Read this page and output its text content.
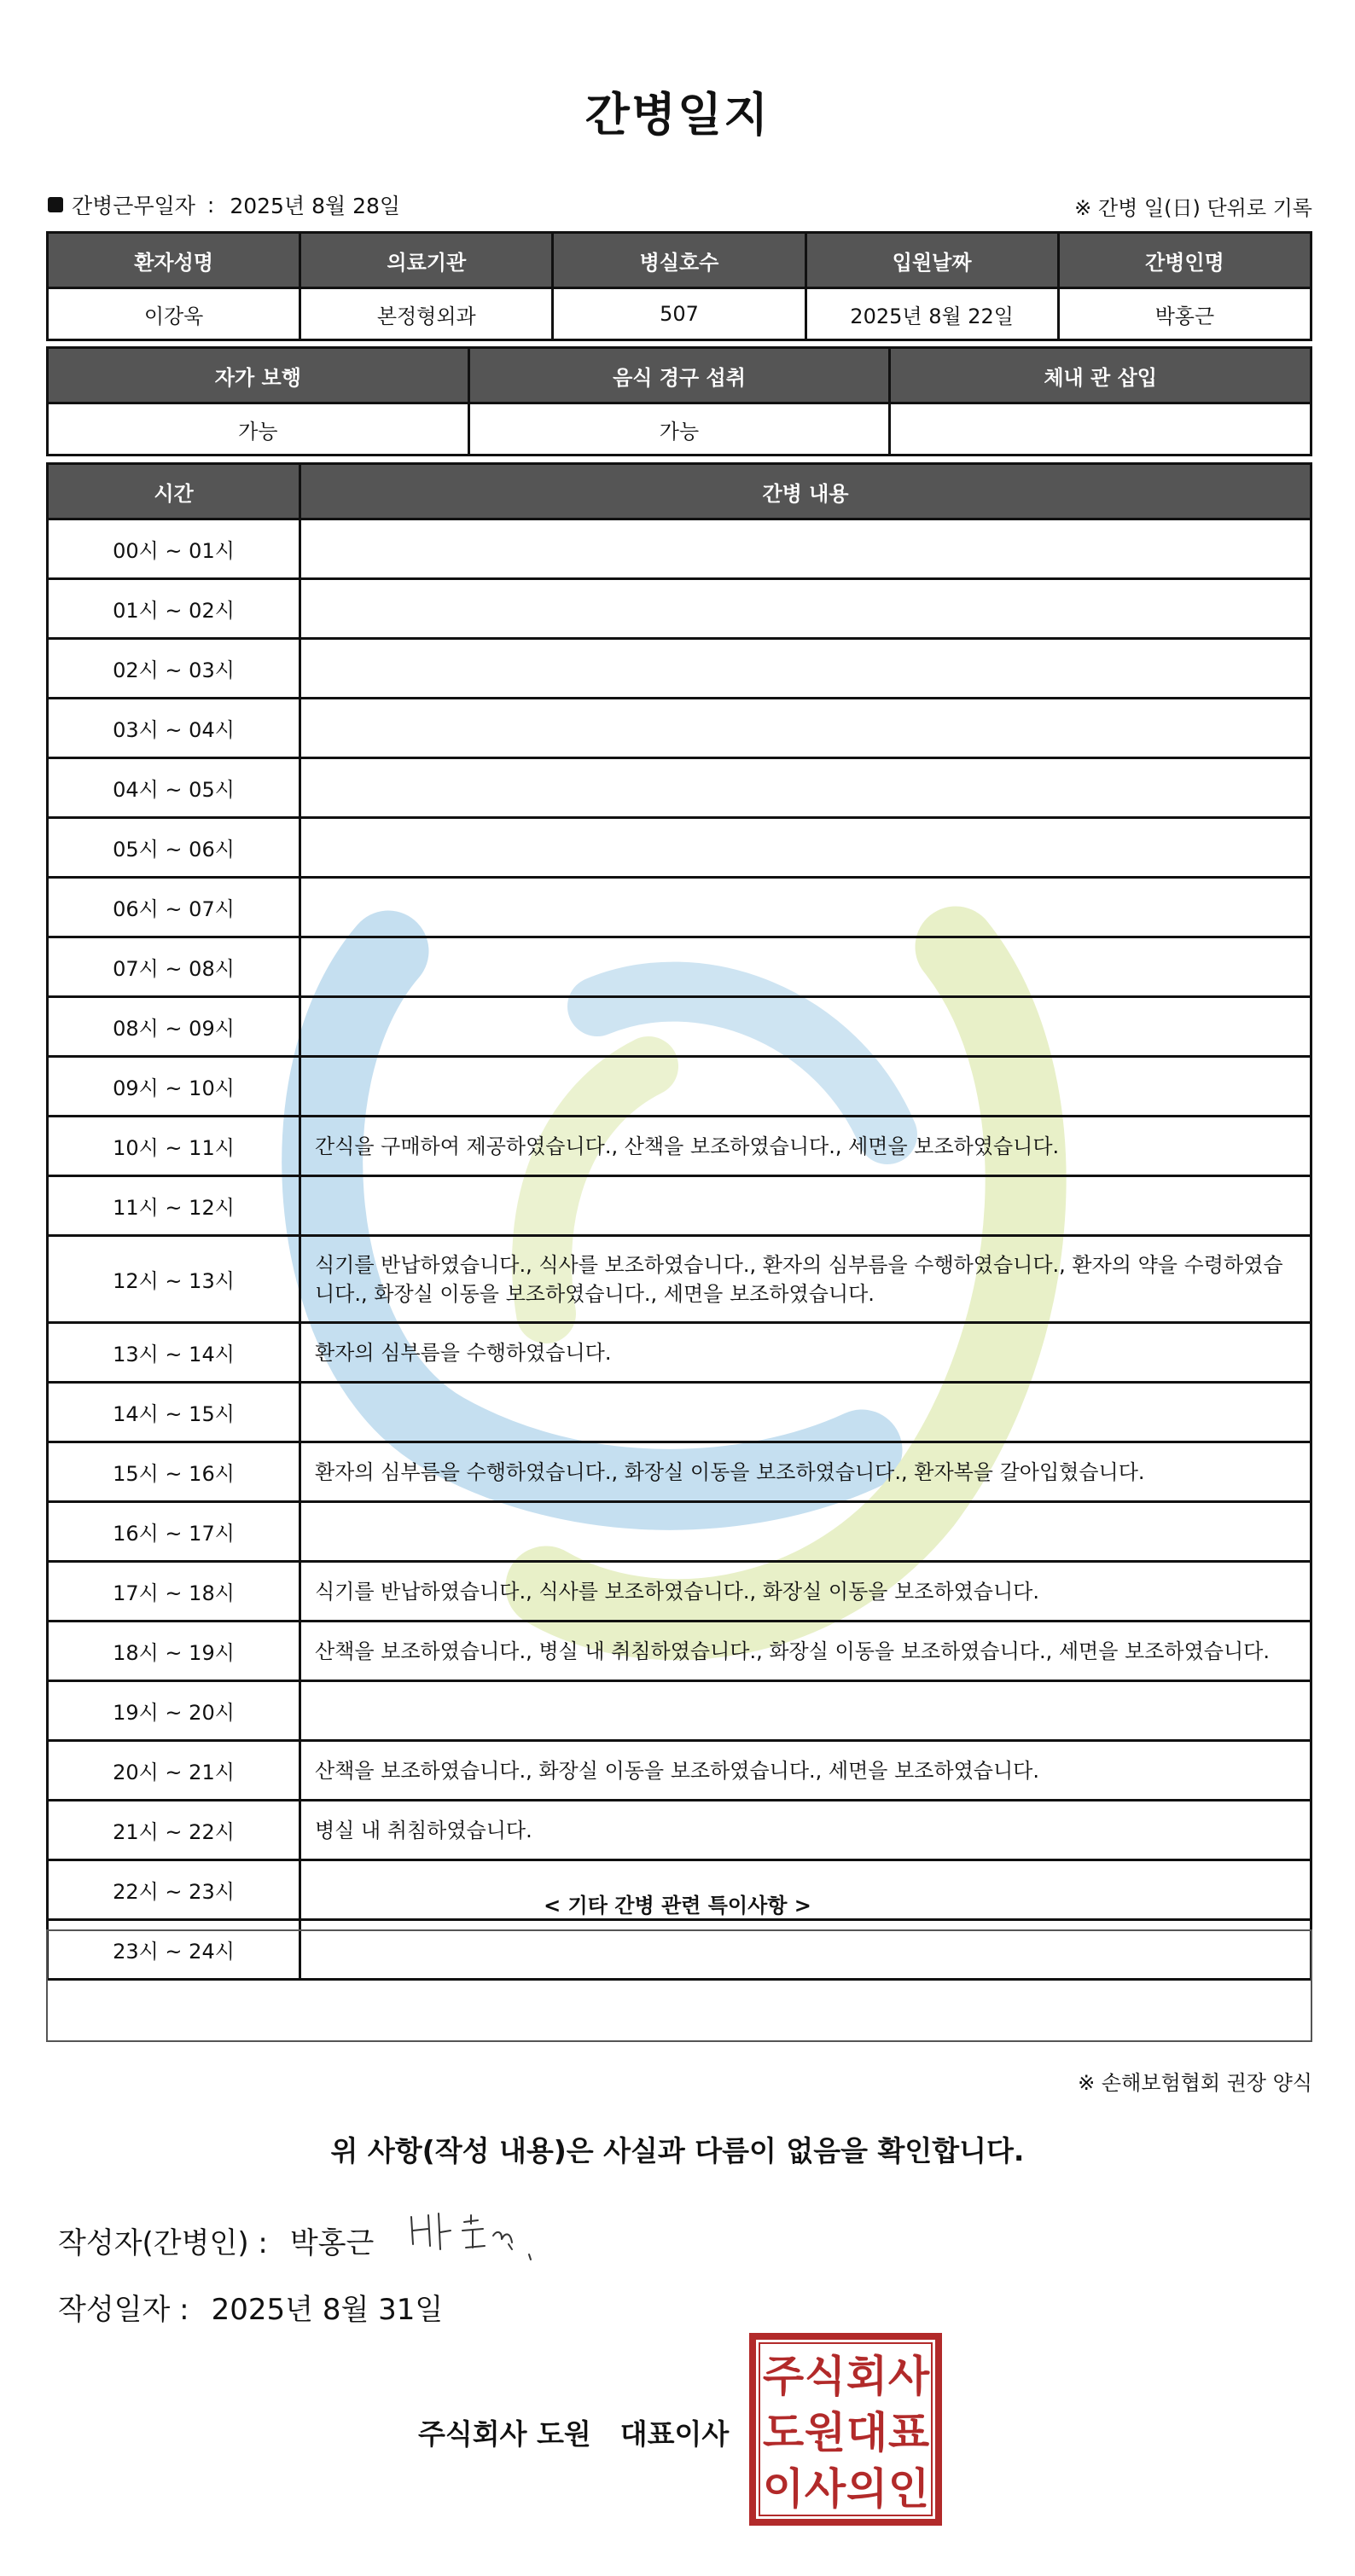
간병일지
간병근무일자 : 2025년 8월 28일	※ 간병 일(日) 단위로 기록
환자성명	의료기관	병실호수	입원날짜	간병인명
이강욱	본정형외과	507	2025년 8월 22일	박홍근
자가 보행	음식 경구 섭취	체내 관 삽입
가능	가능	
시간	간병 내용
00시 ~ 01시	
01시 ~ 02시	
02시 ~ 03시	
03시 ~ 04시	
04시 ~ 05시	
05시 ~ 06시	
06시 ~ 07시	
07시 ~ 08시	
08시 ~ 09시	
09시 ~ 10시	
10시 ~ 11시	간식을 구매하여 제공하였습니다., 산책을 보조하였습니다., 세면을 보조하였습니다.
11시 ~ 12시	
12시 ~ 13시	식기를 반납하였습니다., 식사를 보조하였습니다., 환자의 심부름을 수행하였습니다., 환자의 약을 수령하였습니다., 화장실 이동을 보조하였습니다., 세면을 보조하였습니다.
13시 ~ 14시	환자의 심부름을 수행하였습니다.
14시 ~ 15시	
15시 ~ 16시	환자의 심부름을 수행하였습니다., 화장실 이동을 보조하였습니다., 환자복을 갈아입혔습니다.
16시 ~ 17시	
17시 ~ 18시	식기를 반납하였습니다., 식사를 보조하였습니다., 화장실 이동을 보조하였습니다.
18시 ~ 19시	산책을 보조하였습니다., 병실 내 취침하였습니다., 화장실 이동을 보조하였습니다., 세면을 보조하였습니다.
19시 ~ 20시	
20시 ~ 21시	산책을 보조하였습니다., 화장실 이동을 보조하였습니다., 세면을 보조하였습니다.
21시 ~ 22시	병실 내 취침하였습니다.
22시 ~ 23시	
23시 ~ 24시	
< 기타 간병 관련 특이사항 >
※ 손해보험협회 권장 양식
위 사항(작성 내용)은 사실과 다름이 없음을 확인합니다.
작성자(간병인) : 박홍근
작성일자 : 2025년 8월 31일
주식회사 도원 대표이사
주 식 회 사
도 원 대 표
이 사 의 인
